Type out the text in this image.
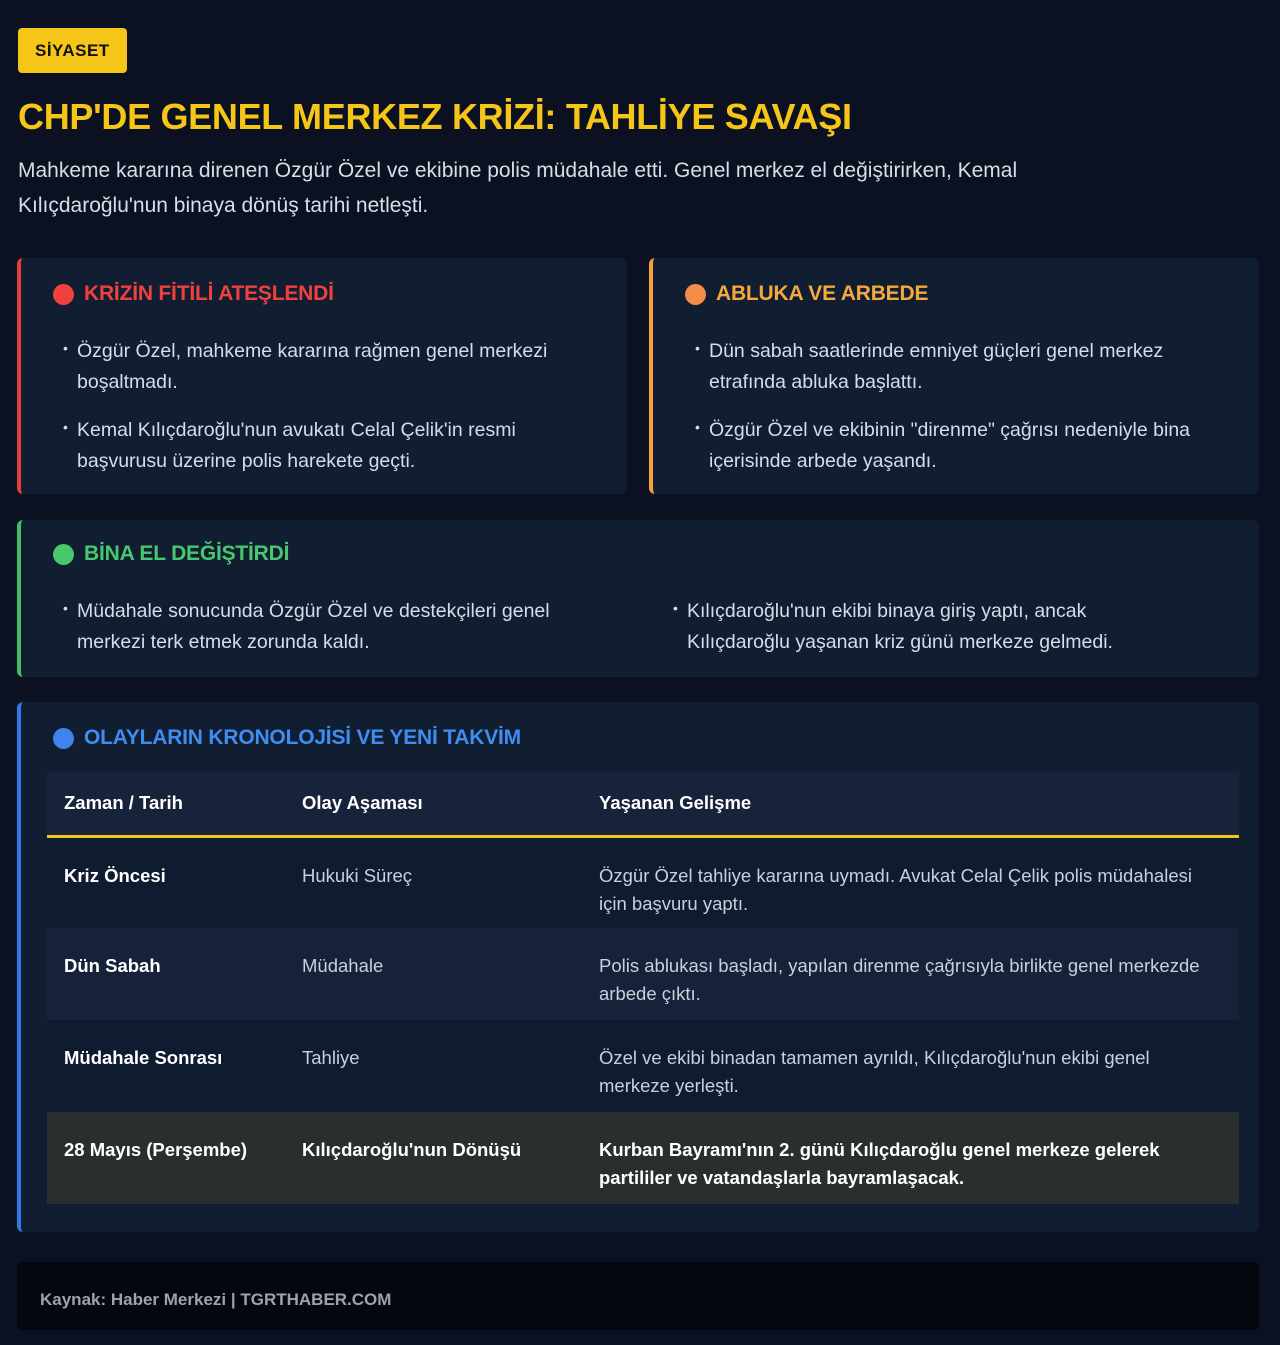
SİYASET
CHP'DE GENEL MERKEZ KRİZİ: TAHLİYE SAVAŞI

Mahkeme kararına direnen Özgür Özel ve ekibine polis müdahale etti. Genel merkez el değiştirirken, Kemal Kılıçdaroğlu'nun binaya dönüş tarihi netleşti.

KRİZİN FİTİLİ ATEŞLENDİ
• Özgür Özel, mahkeme kararına rağmen genel merkezi boşaltmadı.
• Kemal Kılıçdaroğlu'nun avukatı Celal Çelik'in resmi başvurusu üzerine polis harekete geçti.
ABLUKA VE ARBEDE
• Dün sabah saatlerinde emniyet güçleri genel merkez etrafında abluka başlattı.
• Özgür Özel ve ekibinin "direnme" çağrısı nedeniyle bina içerisinde arbede yaşandı.
BİNA EL DEĞİŞTİRDİ
• Müdahale sonucunda Özgür Özel ve destekçileri genel merkezi terk etmek zorunda kaldı.
• Kılıçdaroğlu'nun ekibi binaya giriş yaptı, ancak Kılıçdaroğlu yaşanan kriz günü merkeze gelmedi.
OLAYLARIN KRONOLOJİSİ VE YENİ TAKVİM
Zaman / Tarih	Olay Aşaması	Yaşanan Gelişme
Kriz Öncesi	Hukuki Süreç	Özgür Özel tahliye kararına uymadı. Avukat Celal Çelik polis müdahalesi için başvuru yaptı.
Dün Sabah	Müdahale	Polis ablukası başladı, yapılan direnme çağrısıyla birlikte genel merkezde arbede çıktı.
Müdahale Sonrası	Tahliye	Özel ve ekibi binadan tamamen ayrıldı, Kılıçdaroğlu'nun ekibi genel merkeze yerleşti.
28 Mayıs (Perşembe)	Kılıçdaroğlu'nun Dönüşü	Kurban Bayramı'nın 2. günü Kılıçdaroğlu genel merkeze gelerek partililer ve vatandaşlarla bayramlaşacak.
Kaynak: Haber Merkezi | TGRTHABER.COM
